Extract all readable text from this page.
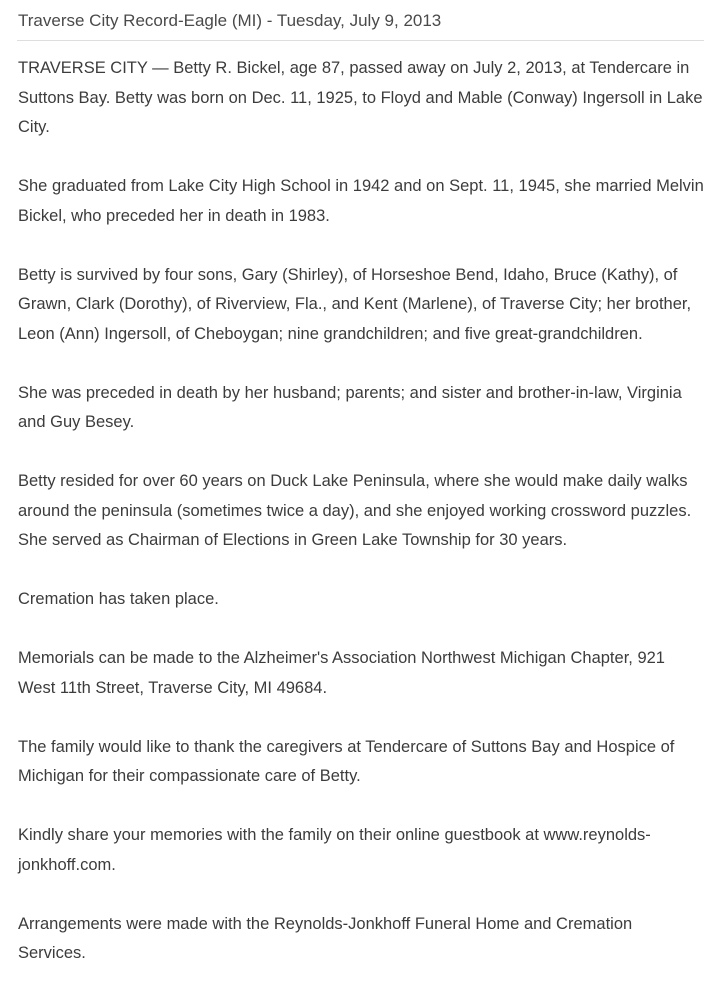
Traverse City Record-Eagle (MI) - Tuesday, July 9, 2013

TRAVERSE CITY — Betty R. Bickel, age 87, passed away on July 2, 2013, at Tendercare in Suttons Bay. Betty was born on Dec. 11, 1925, to Floyd and Mable (Conway) Ingersoll in Lake City.

She graduated from Lake City High School in 1942 and on Sept. 11, 1945, she married Melvin Bickel, who preceded her in death in 1983.

Betty is survived by four sons, Gary (Shirley), of Horseshoe Bend, Idaho, Bruce (Kathy), of Grawn, Clark (Dorothy), of Riverview, Fla., and Kent (Marlene), of Traverse City; her brother, Leon (Ann) Ingersoll, of Cheboygan; nine grandchildren; and five great-grandchildren.

She was preceded in death by her husband; parents; and sister and brother-in-law, Virginia and Guy Besey.

Betty resided for over 60 years on Duck Lake Peninsula, where she would make daily walks around the peninsula (sometimes twice a day), and she enjoyed working crossword puzzles. She served as Chairman of Elections in Green Lake Township for 30 years.

Cremation has taken place.

Memorials can be made to the Alzheimer's Association Northwest Michigan Chapter, 921 West 11th Street, Traverse City, MI 49684.

The family would like to thank the caregivers at Tendercare of Suttons Bay and Hospice of Michigan for their compassionate care of Betty.

Kindly share your memories with the family on their online guestbook at www.reynolds-jonkhoff.com.

Arrangements were made with the Reynolds-Jonkhoff Funeral Home and Cremation Services.
